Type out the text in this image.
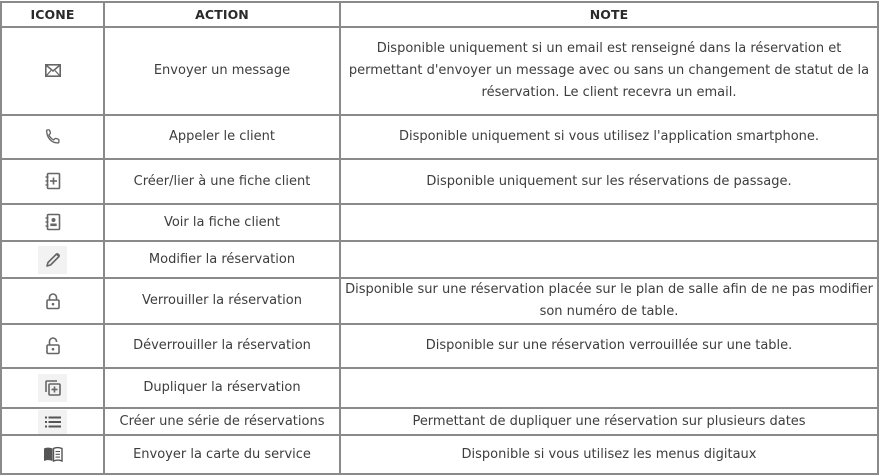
ICONE	ACTION	NOTE

	Envoyer un message	Disponible uniquement si un email est renseigné dans la réservation et permettant d'envoyer un message avec ou sans un changement de statut de la réservation. Le client recevra un email.

	Appeler le client	Disponible uniquement si vous utilisez l'application smartphone.

	Créer/lier à une fiche client	Disponible uniquement sur les réservations de passage.

	Voir la fiche client	

	Modifier la réservation	

	Verrouiller la réservation	Disponible sur une réservation placée sur le plan de salle afin de ne pas modifier son numéro de table.

	Déverrouiller la réservation	Disponible sur une réservation verrouillée sur une table.

	Dupliquer la réservation	

	Créer une série de réservations	Permettant de dupliquer une réservation sur plusieurs dates

	Envoyer la carte du service	Disponible si vous utilisez les menus digitaux
